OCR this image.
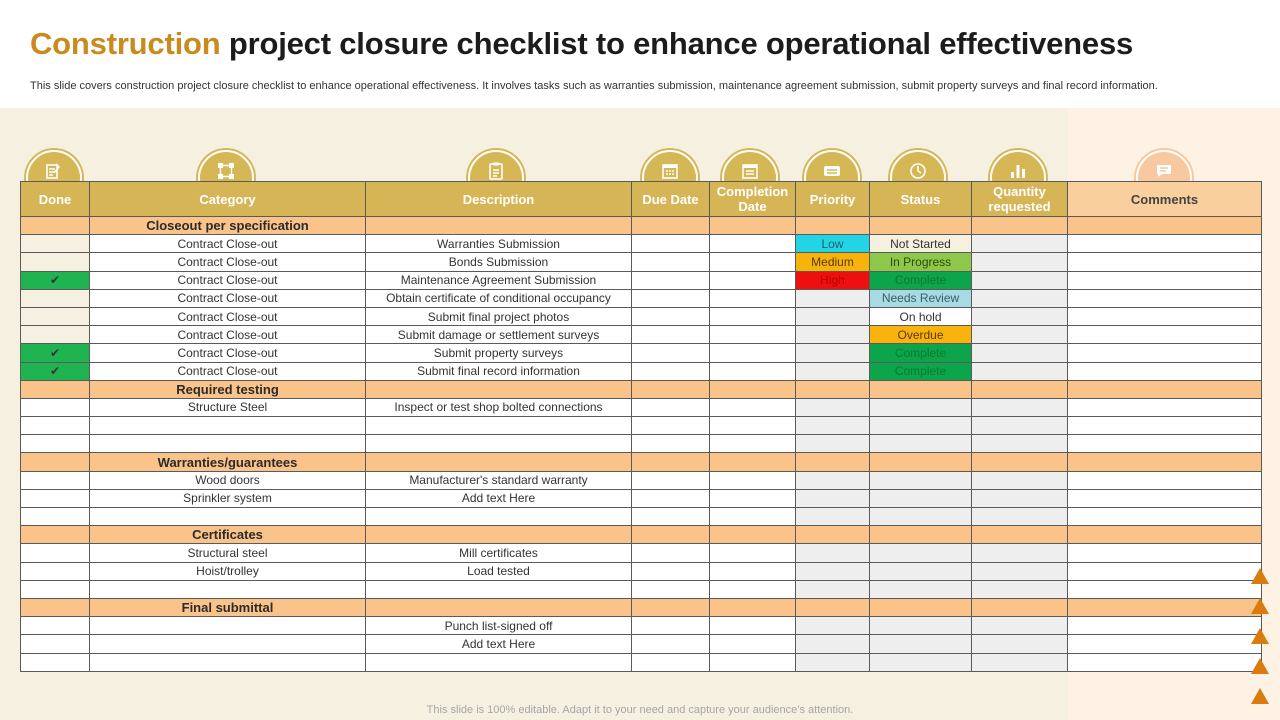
Construction project closure checklist to enhance operational effectiveness
This slide covers construction project closure checklist to enhance operational effectiveness. It involves tasks such as warranties submission, maintenance agreement submission, submit property surveys and final record information.
Done	Category	Description	Due Date	Completion Date	Priority	Status	Quantity requested	Comments
	Closeout per specification							
	Contract Close-out	Warranties Submission			Low	Not Started		
	Contract Close-out	Bonds Submission			Medium	In Progress		
✔	Contract Close-out	Maintenance Agreement Submission			High	Complete		
	Contract Close-out	Obtain certificate of conditional occupancy				Needs Review		
	Contract Close-out	Submit final project photos				On hold		
	Contract Close-out	Submit damage or settlement surveys				Overdue		
✔	Contract Close-out	Submit property surveys				Complete		
✔	Contract Close-out	Submit final record information				Complete		
	Required testing							
	Structure Steel	Inspect or test shop bolted connections						

	Warranties/guarantees							
	Wood doors	Manufacturer's standard warranty						
	Sprinkler system	Add text Here						

	Certificates							
	Structural steel	Mill certificates						
	Hoist/trolley	Load tested						

	Final submittal							
		Punch list-signed off						
		Add text Here						

This slide is 100% editable. Adapt it to your need and capture your audience’s attention.
